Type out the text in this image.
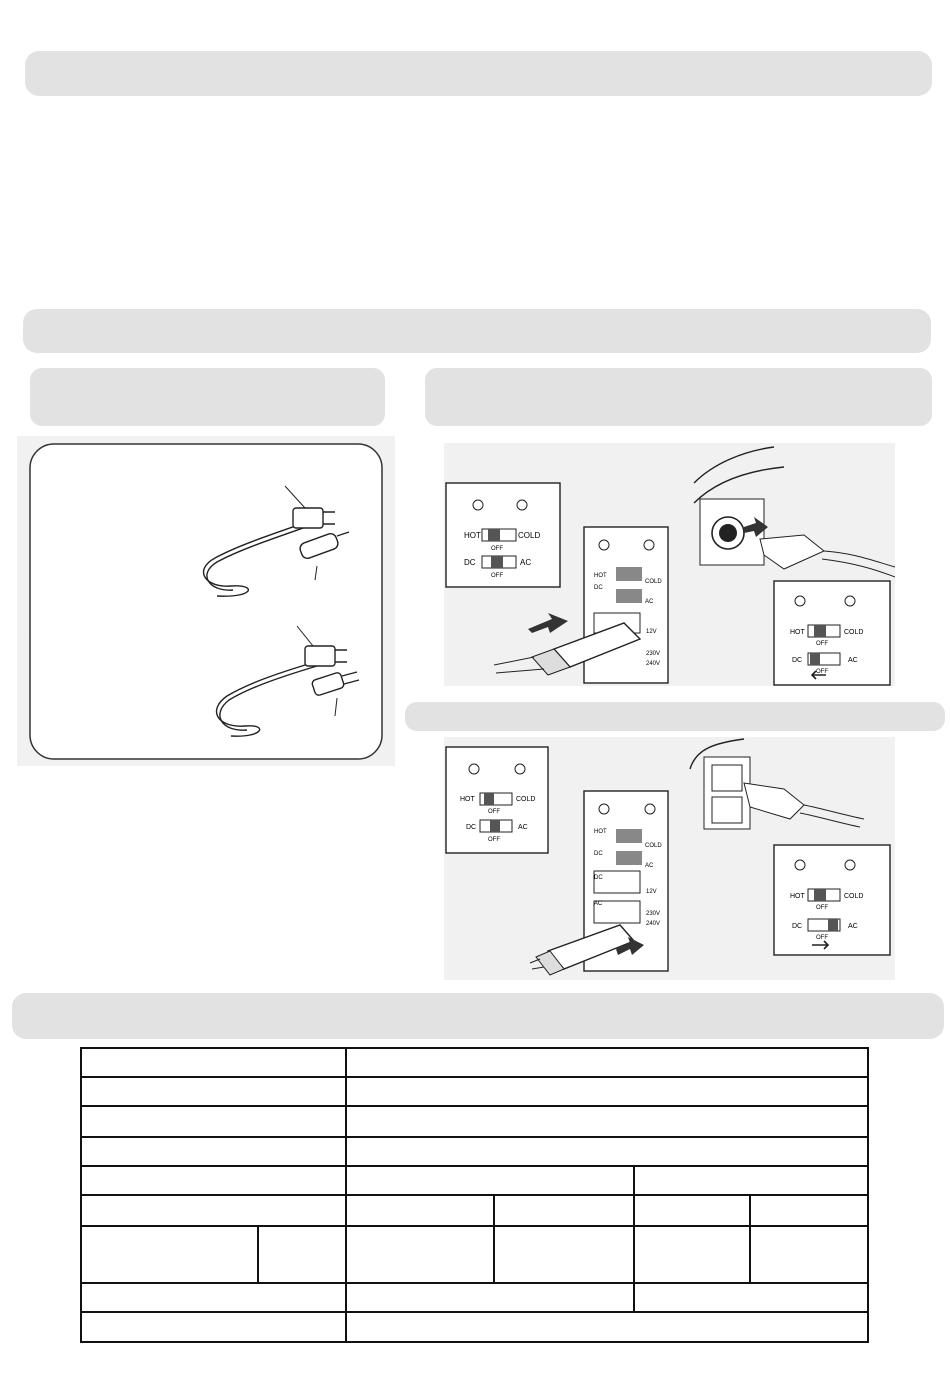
HOT	COLD
OFF
DC	AC
OFF	HOT
COLD
DC
AC
12V
230V
240V
HOT	COLD
OFF
DC	AC
OFF
HOT	COLD
OFF
DC	AC
OFF
HOT
COLD
DC
AC
DC
12V
AC
230V
240V
HOT	COLD
OFF
DC	AC
OFF
